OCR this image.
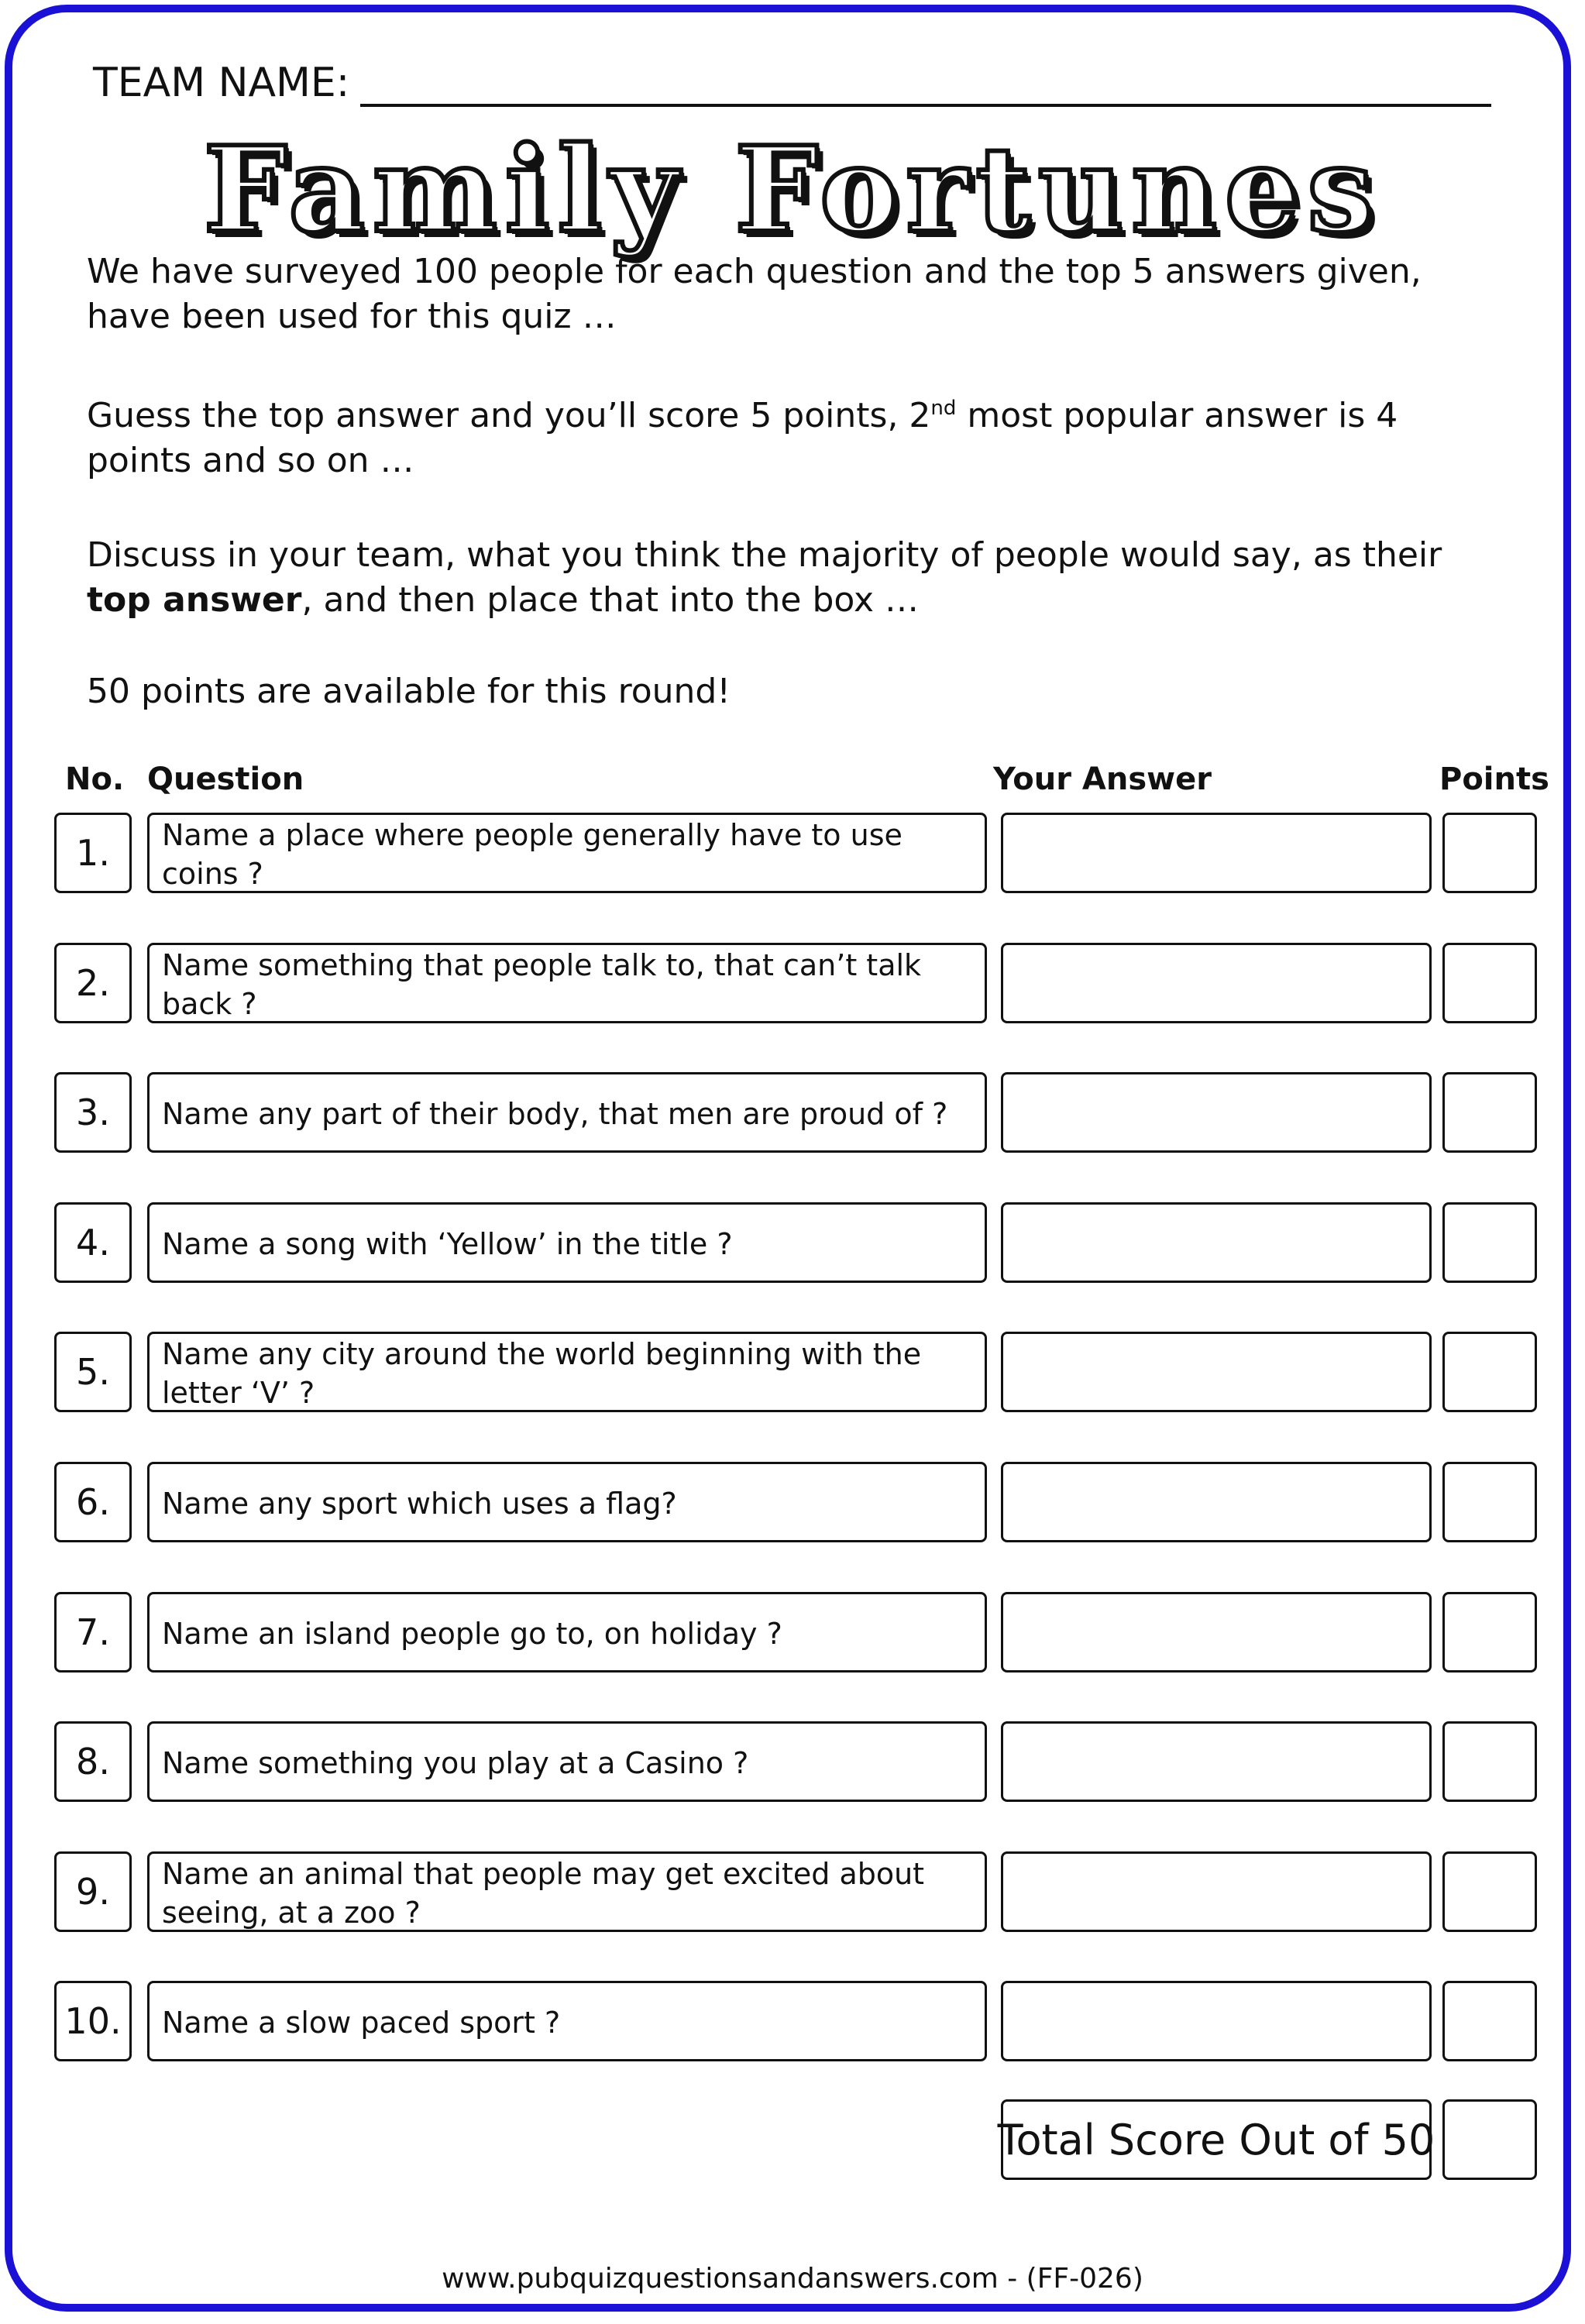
TEAM NAME:
Family Fortunes
We have surveyed 100 people for each question and the top 5 answers given, have been used for this quiz …
Guess the top answer and you’ll score 5 points, 2nd most popular answer is 4 points and so on …
Discuss in your team, what you think the majority of people would say, as their top answer, and then place that into the box …
50 points are available for this round!
No. Question	Your Answer	Points
1.	Name a place where people generally have to use coins ?
2.	Name something that people talk to, that can’t talk back ?
3.	Name any part of their body, that men are proud of ?
4.	Name a song with ‘Yellow’ in the title ?
5.	Name any city around the world beginning with the letter ‘V’ ?
6.	Name any sport which uses a flag?
7.	Name an island people go to, on holiday ?
8.	Name something you play at a Casino ?
9.	Name an animal that people may get excited about seeing, at a zoo ?
10.	Name a slow paced sport ?
Total Score Out of 50
www.pubquizquestionsandanswers.com - (FF-026)
